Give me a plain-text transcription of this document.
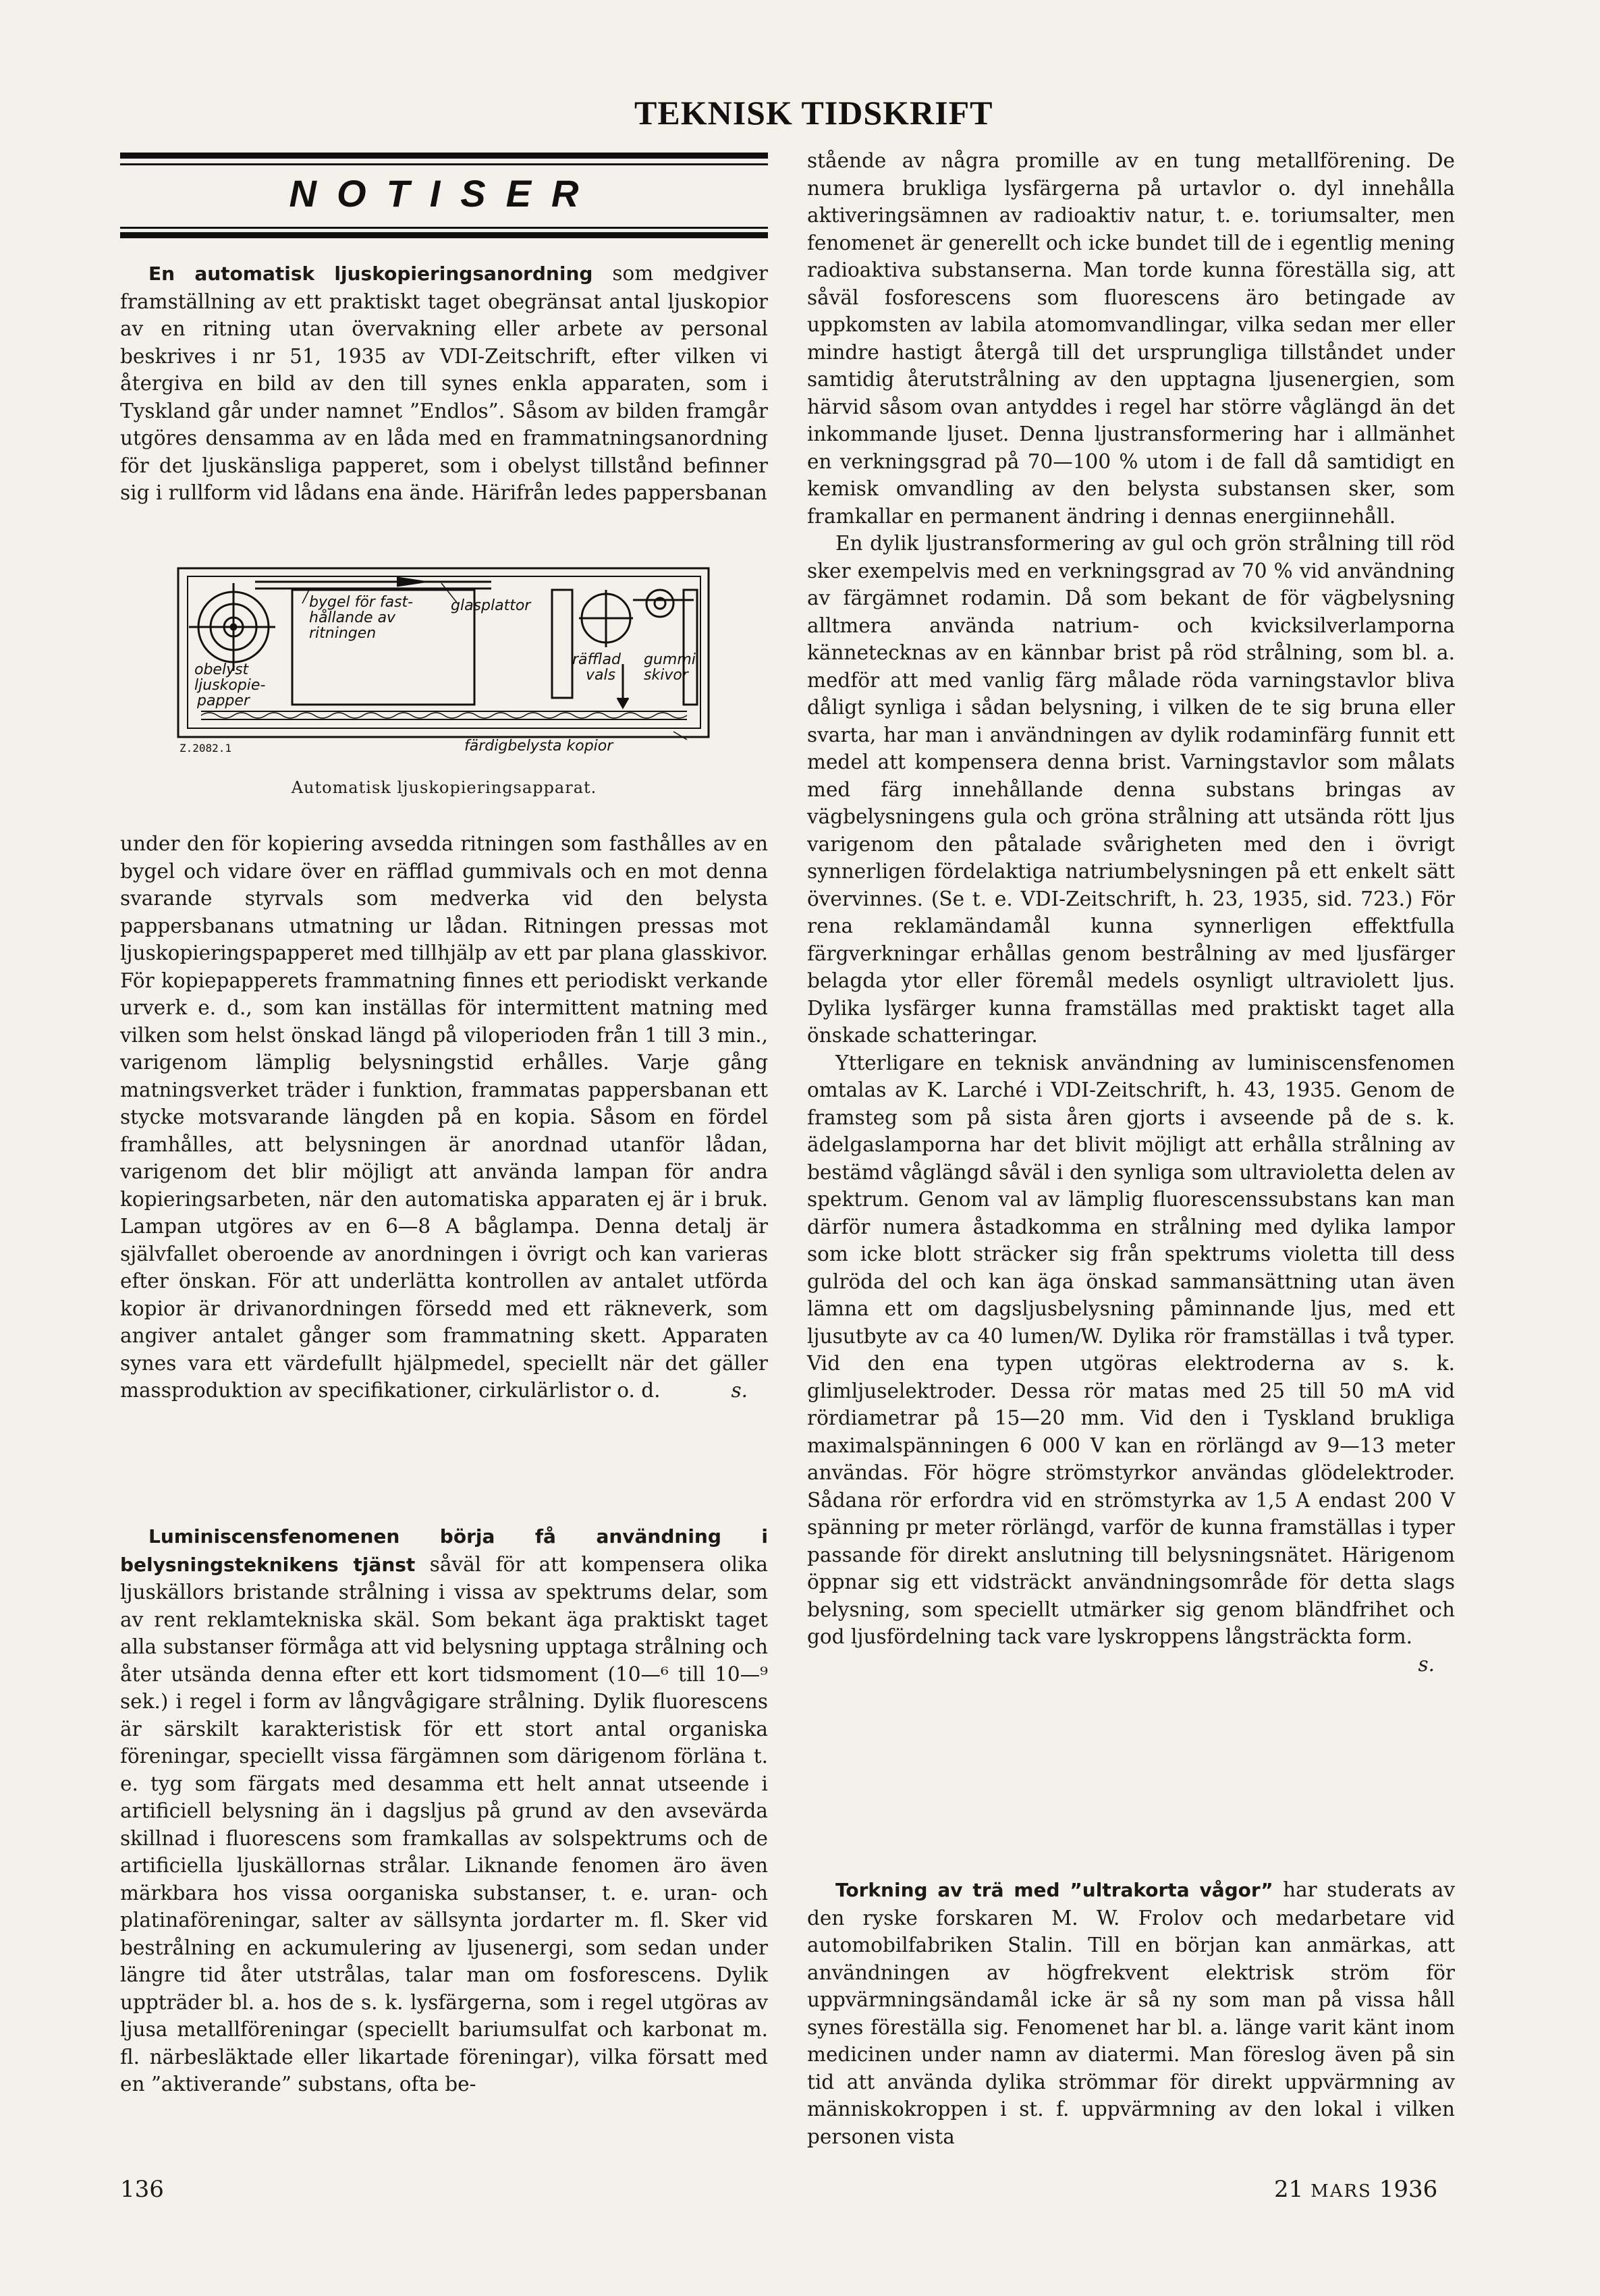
TEKNISK TIDSKRIFT
NOTISER

En automatisk ljuskopieringsanordning som medgiver framställning av ett praktiskt taget obegränsat antal ljuskopior av en ritning utan övervakning eller arbete av personal beskrives i nr 51, 1935 av VDI-Zeitschrift, efter vilken vi återgiva en bild av den till synes enkla apparaten, som i Tyskland går under namnet ”Endlos”. Såsom av bilden framgår utgöres densamma av en låda med en frammatningsanordning för det ljuskänsliga papperet, som i obelyst tillstånd befinner sig i rullform vid lådans ena ände. Härifrån ledes pappersbanan

bygel för fast-
hållande av
ritningen
glasplattor
obelyst
ljuskopie-
papper
räfflad
vals
gummi
skivor
färdigbelysta kopior
Z.2082.1
Automatisk ljuskopieringsapparat.

under den för kopiering avsedda ritningen som fasthålles av en bygel och vidare över en räfflad gummivals och en mot denna svarande styrvals som medverka vid den belysta pappersbanans utmatning ur lådan. Ritningen pressas mot ljuskopieringspapperet med tillhjälp av ett par plana glasskivor. För kopiepapperets frammatning finnes ett periodiskt verkande urverk e. d., som kan inställas för intermittent matning med vilken som helst önskad längd på viloperioden från 1 till 3 min., varigenom lämplig belysningstid erhålles. Varje gång matningsverket träder i funktion, frammatas pappersbanan ett stycke motsvarande längden på en kopia. Såsom en fördel framhålles, att belysningen är anordnad utanför lådan, varigenom det blir möjligt att använda lampan för andra kopieringsarbeten, när den automatiska apparaten ej är i bruk. Lampan utgöres av en 6—8 A båglampa. Denna detalj är självfallet oberoende av anordningen i övrigt och kan varieras efter önskan. För att underlätta kontrollen av antalet utförda kopior är drivanordningen försedd med ett räkneverk, som angiver antalet gånger som frammatning skett. Apparaten synes vara ett värdefullt hjälpmedel, speciellt när det gäller massproduktion av specifikationer, cirkulärlistor o. d.	s.

Luminiscensfenomenen börja få användning i belysningsteknikens tjänst såväl för att kompensera olika ljuskällors bristande strålning i vissa av spektrums delar, som av rent reklamtekniska skäl. Som bekant äga praktiskt taget alla substanser förmåga att vid belysning upptaga strålning och åter utsända denna efter ett kort tidsmoment (10—⁶ till 10—⁹ sek.) i regel i form av långvågigare strålning. Dylik fluorescens är särskilt karakteristisk för ett stort antal organiska föreningar, speciellt vissa färgämnen som därigenom förläna t. e. tyg som färgats med desamma ett helt annat utseende i artificiell belysning än i dagsljus på grund av den avsevärda skillnad i fluorescens som framkallas av solspektrums och de artificiella ljuskällornas strålar. Liknande fenomen äro även märkbara hos vissa oorganiska substanser, t. e. uran- och platinaföreningar, salter av sällsynta jordarter m. fl. Sker vid bestrålning en ackumulering av ljusenergi, som sedan under längre tid åter utstrålas, talar man om fosforescens. Dylik uppträder bl. a. hos de s. k. lysfärgerna, som i regel utgöras av ljusa metallföreningar (speciellt bariumsulfat och karbonat m. fl. närbesläktade eller likartade föreningar), vilka försatt med en ”aktiverande” substans, ofta be-

stående av några promille av en tung metallförening. De numera brukliga lysfärgerna på urtavlor o. dyl innehålla aktiveringsämnen av radioaktiv natur, t. e. toriumsalter, men fenomenet är generellt och icke bundet till de i egentlig mening radioaktiva substanserna. Man torde kunna föreställa sig, att såväl fosforescens som fluorescens äro betingade av uppkomsten av labila atomomvandlingar, vilka sedan mer eller mindre hastigt återgå till det ursprungliga tillståndet under samtidig återutstrålning av den upptagna ljusenergien, som härvid såsom ovan antyddes i regel har större våglängd än det inkommande ljuset. Denna ljustransformering har i allmänhet en verkningsgrad på 70—100 % utom i de fall då samtidigt en kemisk omvandling av den belysta substansen sker, som framkallar en permanent ändring i dennas energiinnehåll.

En dylik ljustransformering av gul och grön strålning till röd sker exempelvis med en verkningsgrad av 70 % vid användning av färgämnet rodamin. Då som bekant de för vägbelysning alltmera använda natrium- och kvicksilverlamporna kännetecknas av en kännbar brist på röd strålning, som bl. a. medför att med vanlig färg målade röda varningstavlor bliva dåligt synliga i sådan belysning, i vilken de te sig bruna eller svarta, har man i användningen av dylik rodaminfärg funnit ett medel att kompensera denna brist. Varningstavlor som målats med färg innehållande denna substans bringas av vägbelysningens gula och gröna strålning att utsända rött ljus varigenom den påtalade svårigheten med den i övrigt synnerligen fördelaktiga natriumbelysningen på ett enkelt sätt övervinnes. (Se t. e. VDI-Zeitschrift, h. 23, 1935, sid. 723.) För rena reklamändamål kunna synnerligen effektfulla färgverkningar erhållas genom bestrålning av med ljusfärger belagda ytor eller föremål medels osynligt ultraviolett ljus. Dylika lysfärger kunna framställas med praktiskt taget alla önskade schatteringar.

Ytterligare en teknisk användning av luminiscensfenomen omtalas av K. Larché i VDI-Zeitschrift, h. 43, 1935. Genom de framsteg som på sista åren gjorts i avseende på de s. k. ädelgaslamporna har det blivit möjligt att erhålla strålning av bestämd våglängd såväl i den synliga som ultravioletta delen av spektrum. Genom val av lämplig fluorescenssubstans kan man därför numera åstadkomma en strålning med dylika lampor som icke blott sträcker sig från spektrums violetta till dess gulröda del och kan äga önskad sammansättning utan även lämna ett om dagsljusbelysning påminnande ljus, med ett ljusutbyte av ca 40 lumen/W. Dylika rör framställas i två typer. Vid den ena typen utgöras elektroderna av s. k. glimljuselektroder. Dessa rör matas med 25 till 50 mA vid rördiametrar på 15—20 mm. Vid den i Tyskland brukliga maximalspänningen 6 000 V kan en rörlängd av 9—13 meter användas. För högre strömstyrkor användas glödelektroder. Sådana rör erfordra vid en strömstyrka av 1,5 A endast 200 V spänning pr meter rörlängd, varför de kunna framställas i typer passande för direkt anslutning till belysningsnätet. Härigenom öppnar sig ett vidsträckt användningsområde för detta slags belysning, som speciellt utmärker sig genom bländfrihet och god ljusfördelning tack vare lyskroppens långsträckta form.
s.

Torkning av trä med ”ultrakorta vågor” har studerats av den ryske forskaren M. W. Frolov och medarbetare vid automobilfabriken Stalin. Till en början kan anmärkas, att användningen av högfrekvent elektrisk ström för uppvärmningsändamål icke är så ny som man på vissa håll synes föreställa sig. Fenomenet har bl. a. länge varit känt inom medicinen under namn av diatermi. Man föreslog även på sin tid att använda dylika strömmar för direkt uppvärmning av människokroppen i st. f. uppvärmning av den lokal i vilken personen vista

136	21 MARS 1936
